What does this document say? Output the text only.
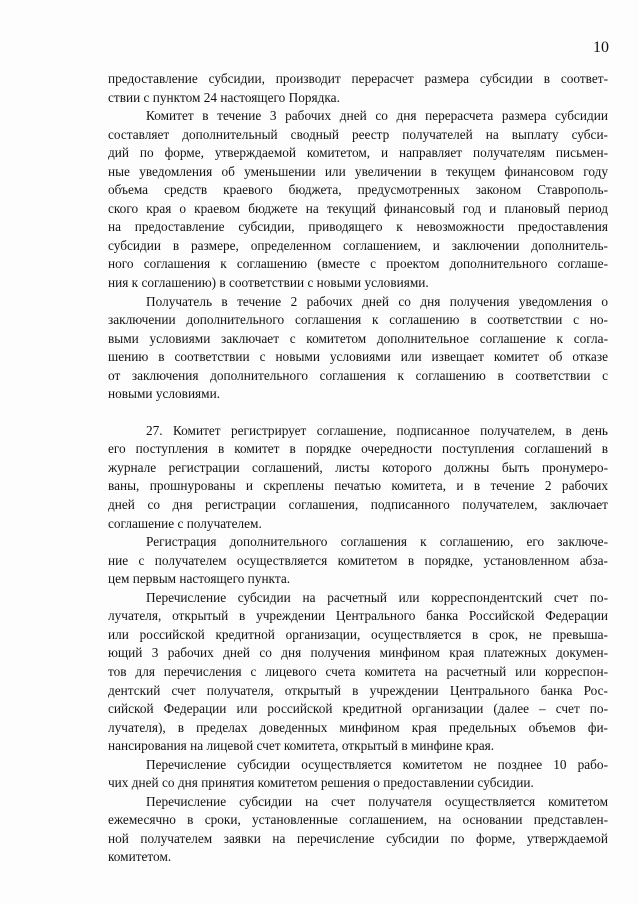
10
предоставление субсидии, производит перерасчет размера субсидии в соответ-
ствии с пунктом 24 настоящего Порядка.
Комитет в течение 3 рабочих дней со дня перерасчета размера субсидии
составляет дополнительный сводный реестр получателей на выплату субси-
дий по форме, утверждаемой комитетом, и направляет получателям письмен-
ные уведомления об уменьшении или увеличении в текущем финансовом году
объема средств краевого бюджета, предусмотренных законом Ставрополь-
ского края о краевом бюджете на текущий финансовый год и плановый период
на предоставление субсидии, приводящего к невозможности предоставления
субсидии в размере, определенном соглашением, и заключении дополнитель-
ного соглашения к соглашению (вместе с проектом дополнительного соглаше-
ния к соглашению) в соответствии с новыми условиями.
Получатель в течение 2 рабочих дней со дня получения уведомления о
заключении дополнительного соглашения к соглашению в соответствии с но-
выми условиями заключает с комитетом дополнительное соглашение к согла-
шению в соответствии с новыми условиями или извещает комитет об отказе
от заключения дополнительного соглашения к соглашению в соответствии с
новыми условиями.
27. Комитет регистрирует соглашение, подписанное получателем, в день
его поступления в комитет в порядке очередности поступления соглашений в
журнале регистрации соглашений, листы которого должны быть пронумеро-
ваны, прошнурованы и скреплены печатью комитета, и в течение 2 рабочих
дней со дня регистрации соглашения, подписанного получателем, заключает
соглашение с получателем.
Регистрация дополнительного соглашения к соглашению, его заключе-
ние с получателем осуществляется комитетом в порядке, установленном абза-
цем первым настоящего пункта.
Перечисление субсидии на расчетный или корреспондентский счет по-
лучателя, открытый в учреждении Центрального банка Российской Федерации
или российской кредитной организации, осуществляется в срок, не превыша-
ющий 3 рабочих дней со дня получения минфином края платежных докумен-
тов для перечисления с лицевого счета комитета на расчетный или корреспон-
дентский счет получателя, открытый в учреждении Центрального банка Рос-
сийской Федерации или российской кредитной организации (далее – счет по-
лучателя), в пределах доведенных минфином края предельных объемов фи-
нансирования на лицевой счет комитета, открытый в минфине края.
Перечисление субсидии осуществляется комитетом не позднее 10 рабо-
чих дней со дня принятия комитетом решения о предоставлении субсидии.
Перечисление субсидии на счет получателя осуществляется комитетом
ежемесячно в сроки, установленные соглашением, на основании представлен-
ной получателем заявки на перечисление субсидии по форме, утверждаемой
комитетом.
